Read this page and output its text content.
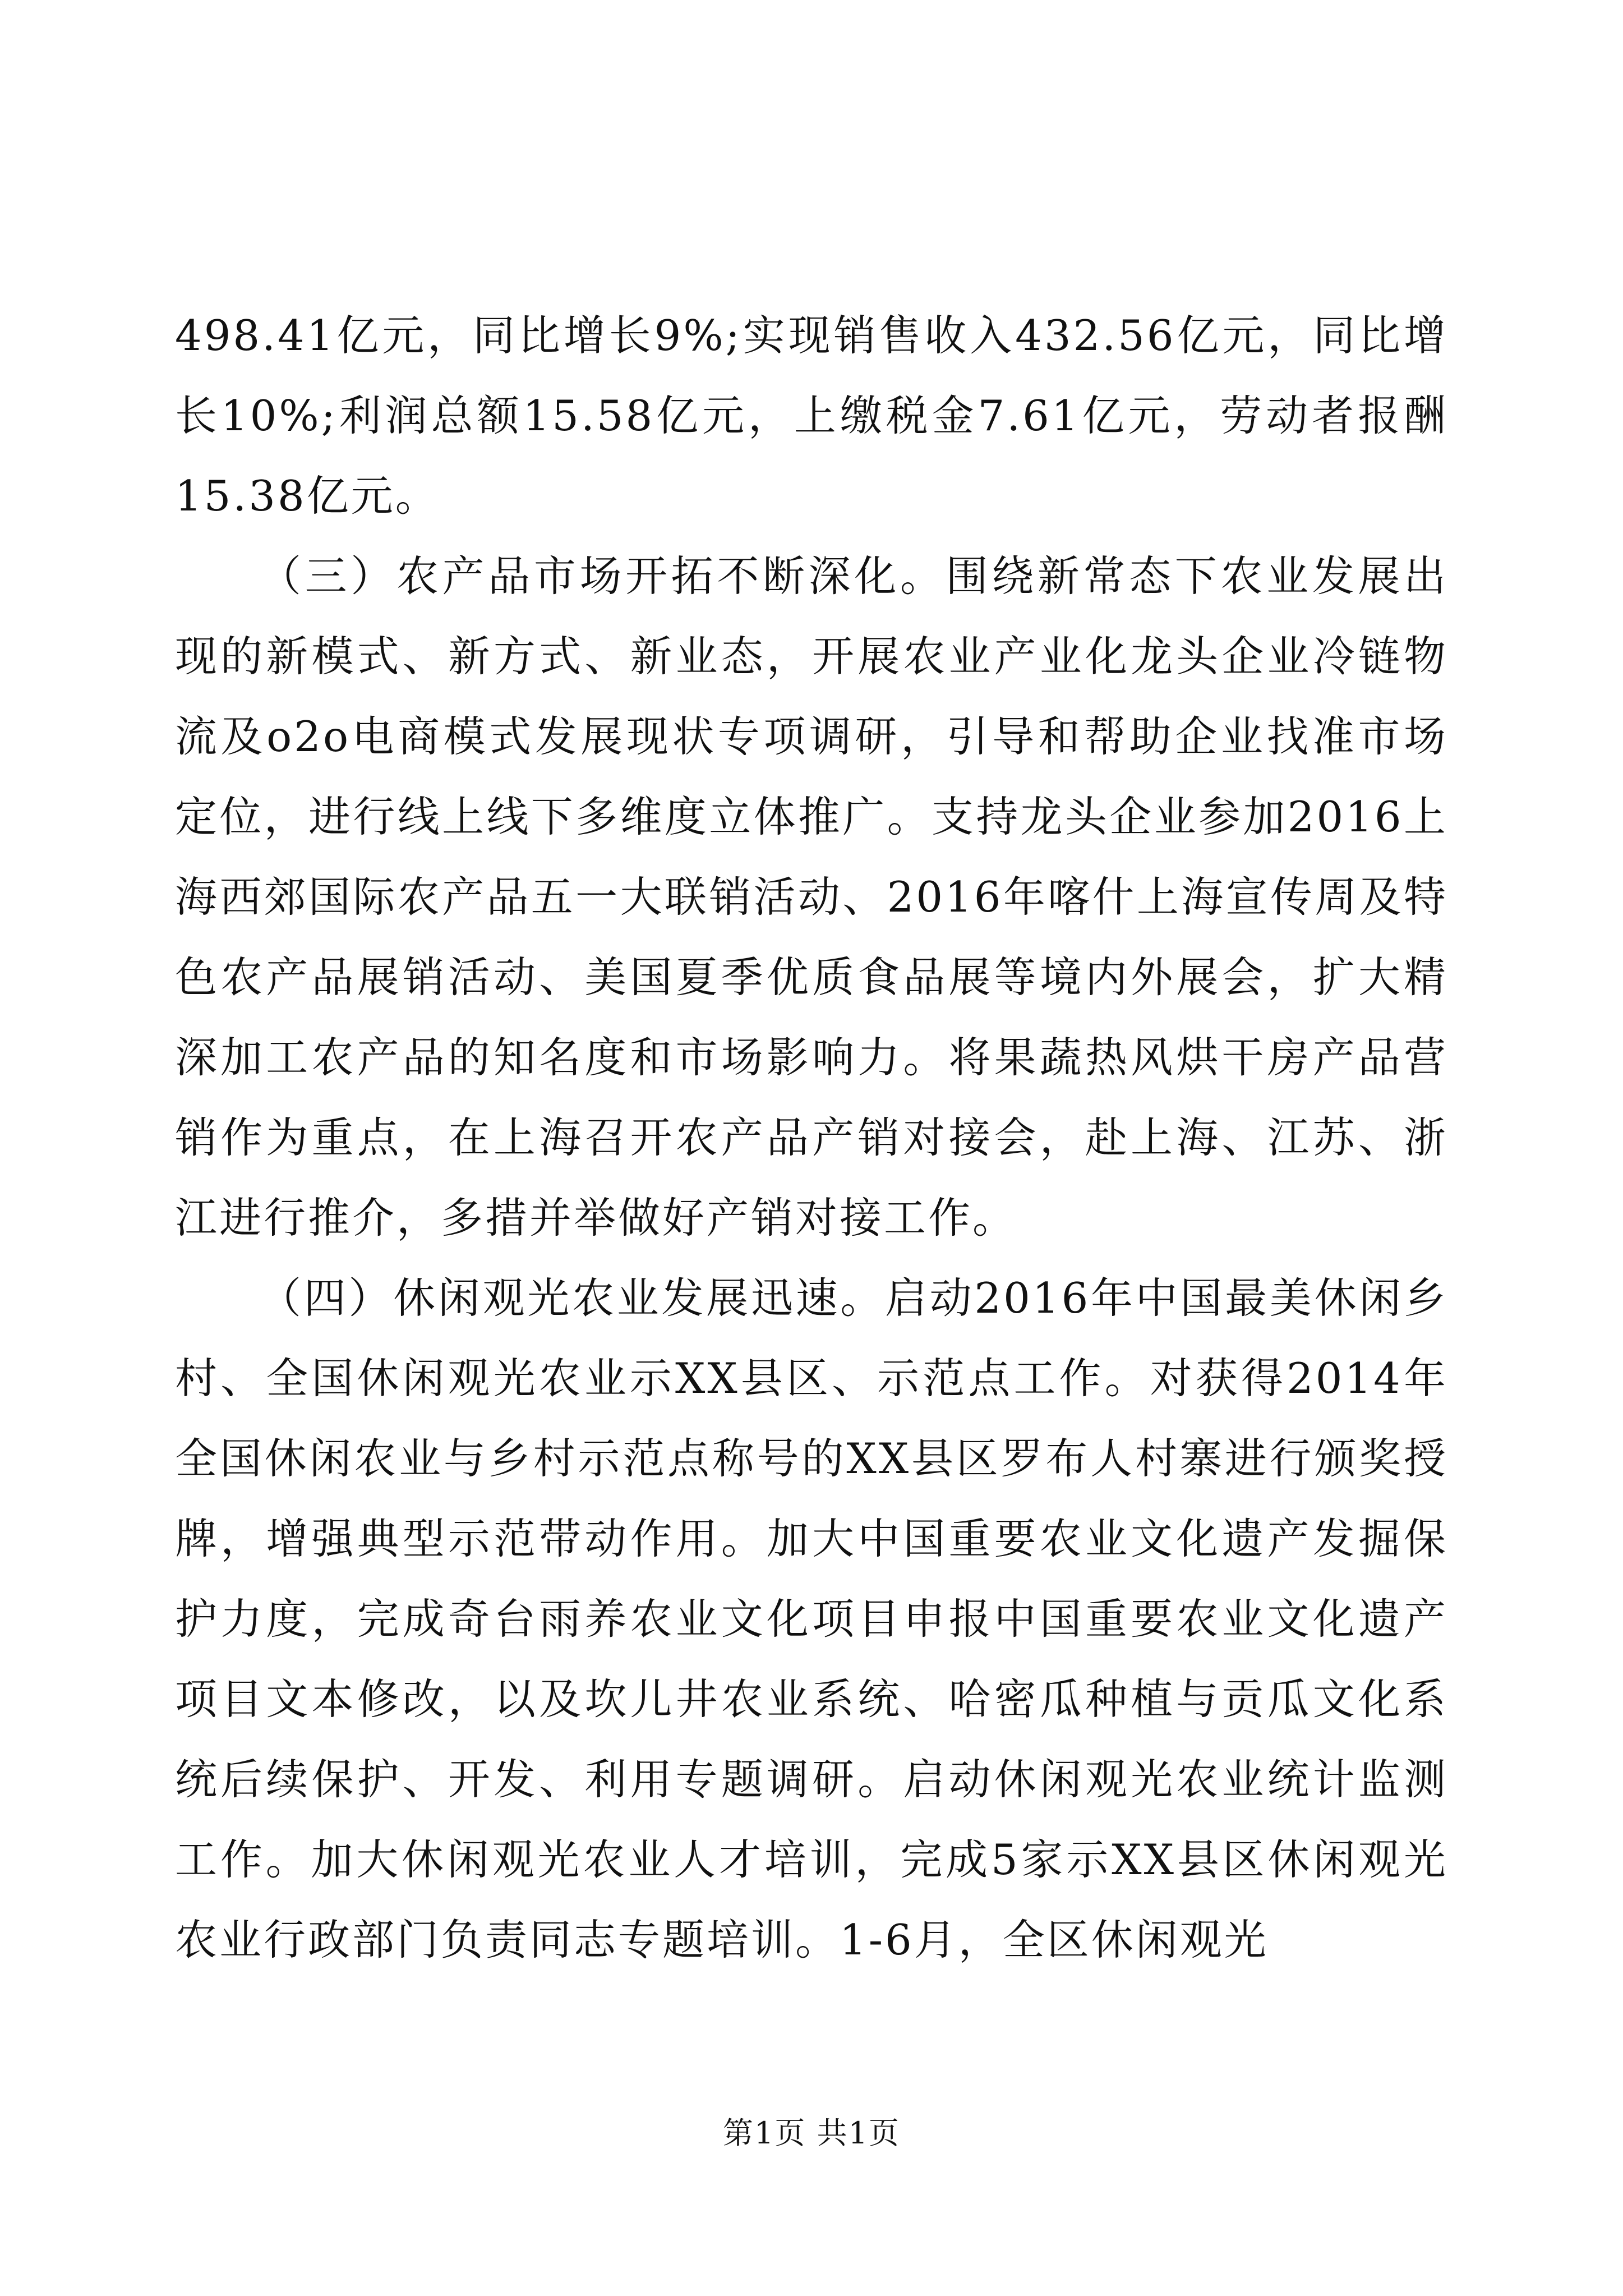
498.41亿元，同比增长9%;实现销售收入432.56亿元，同比增长10%;利润总额15.58亿元，上缴税金7.61亿元，劳动者报酬15.38亿元。

（三）农产品市场开拓不断深化。围绕新常态下农业发展出现的新模式、新方式、新业态，开展农业产业化龙头企业冷链物流及o2o电商模式发展现状专项调研，引导和帮助企业找准市场定位，进行线上线下多维度立体推广。支持龙头企业参加2016上海西郊国际农产品五一大联销活动、2016年喀什上海宣传周及特色农产品展销活动、美国夏季优质食品展等境内外展会，扩大精深加工农产品的知名度和市场影响力。将果蔬热风烘干房产品营销作为重点，在上海召开农产品产销对接会，赴上海、江苏、浙江进行推介，多措并举做好产销对接工作。

（四）休闲观光农业发展迅速。启动2016年中国最美休闲乡村、全国休闲观光农业示XX县区、示范点工作。对获得2014年全国休闲农业与乡村示范点称号的XX县区罗布人村寨进行颁奖授牌，增强典型示范带动作用。加大中国重要农业文化遗产发掘保护力度，完成奇台雨养农业文化项目申报中国重要农业文化遗产项目文本修改，以及坎儿井农业系统、哈密瓜种植与贡瓜文化系统后续保护、开发、利用专题调研。启动休闲观光农业统计监测工作。加大休闲观光农业人才培训，完成5家示XX县区休闲观光农业行政部门负责同志专题培训。1-6月，全区休闲观光

第1页 共1页
